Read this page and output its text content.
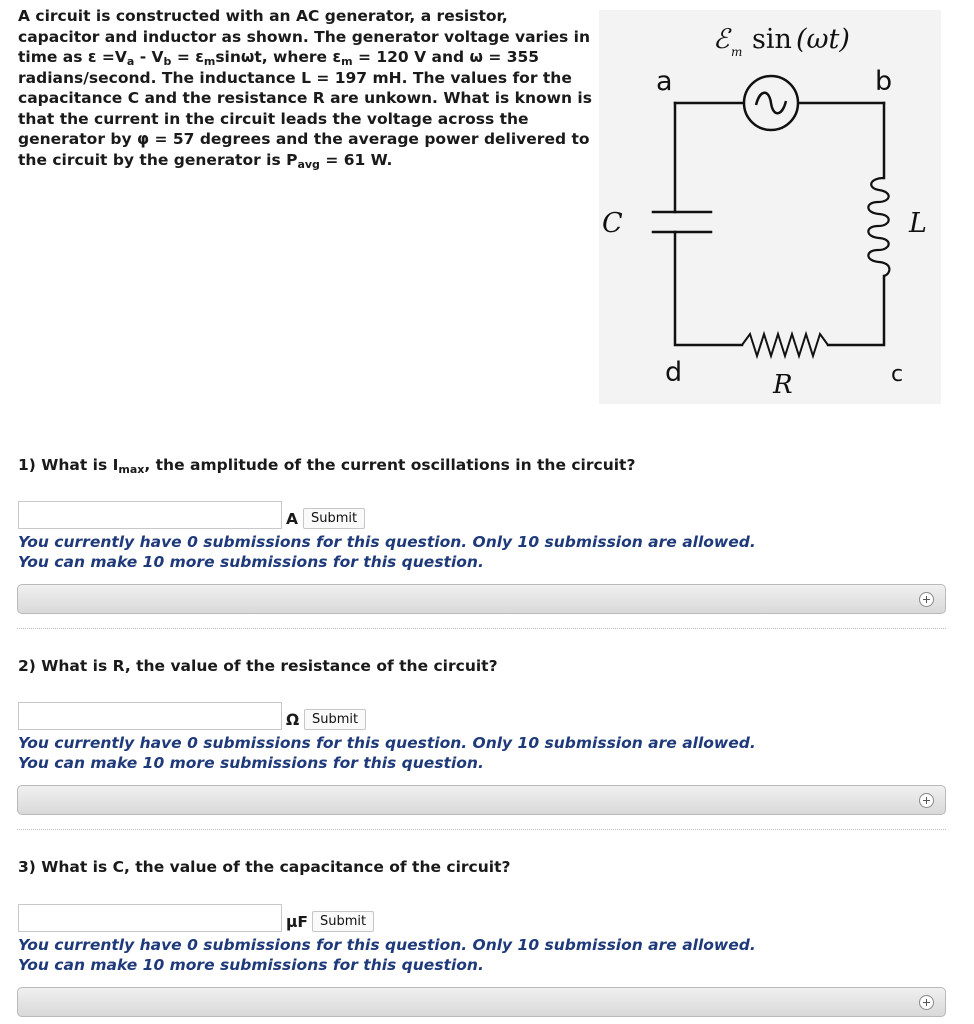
A circuit is constructed with an AC generator, a resistor, capacitor and inductor as shown. The generator voltage varies in time as $\varepsilon =V_a - V_b = \varepsilon_m\sin\omega t$, where $\varepsilon_m = 120$ V and ω = 355 radians/second. The inductance L = 197 mH. The values for the capacitance C and the resistance R are unkown. What is known is that the current in the circuit leads the voltage across the generator by φ = 57 degrees and the average power delivered to the circuit by the generator is $P_{avg} = 61$ W.
ℰ m sin (ωt)
a	b
c
d
C	L
R
1) What is $I_{max}$, the amplitude of the current oscillations in the circuit?
A	Submit
You currently have 0 submissions for this question. Only 10 submission are allowed.
You can make 10 more submissions for this question.
2) What is R, the value of the resistance of the circuit?
Ω Submit
You currently have 0 submissions for this question. Only 10 submission are allowed.
You can make 10 more submissions for this question.
3) What is C, the value of the capacitance of the circuit?
μF Submit
You currently have 0 submissions for this question. Only 10 submission are allowed.
You can make 10 more submissions for this question.
